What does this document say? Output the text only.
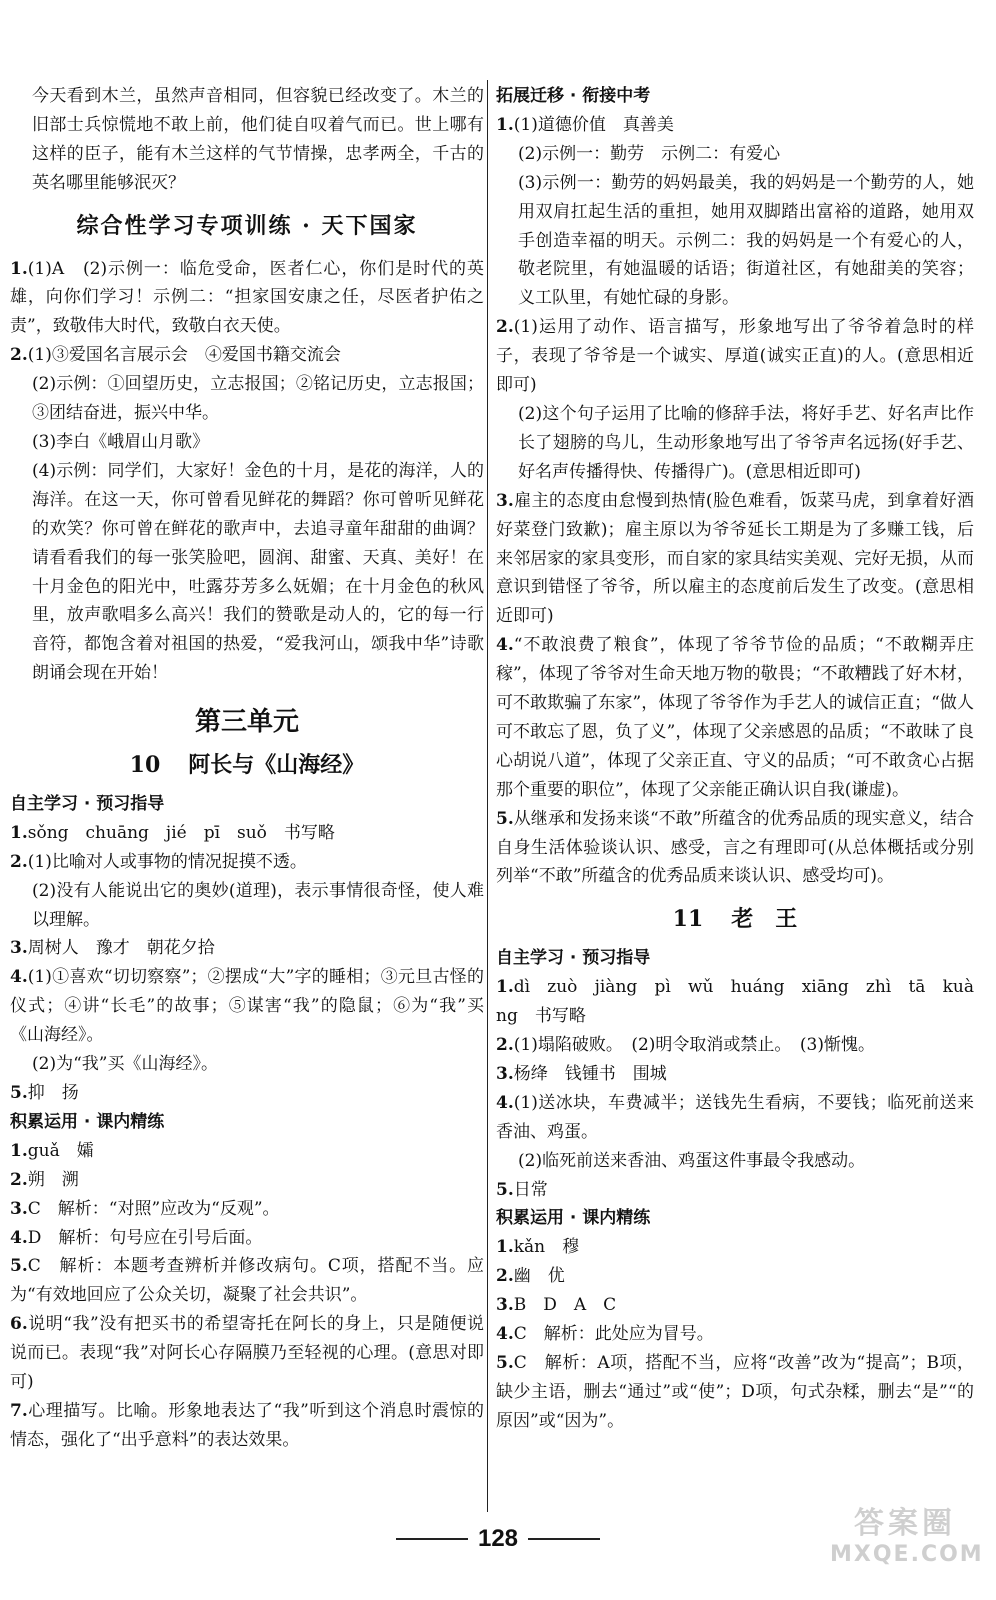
今天看到木兰，虽然声音相同，但容貌已经改变了。木兰的旧部士兵惊慌地不敢上前，他们徒自叹着气而已。世上哪有这样的臣子，能有木兰这样的气节情操，忠孝两全，千古的英名哪里能够泯灭？

综合性学习专项训练 · 天下国家

1.(1)A　(2)示例一：临危受命，医者仁心，你们是时代的英雄，向你们学习！示例二：“担家国安康之任，尽医者护佑之责”，致敬伟大时代，致敬白衣天使。

2.(1)③爱国名言展示会　④爱国书籍交流会

(2)示例：①回望历史，立志报国；②铭记历史，立志报国；③团结奋进，振兴中华。

(3)李白《峨眉山月歌》

(4)示例：同学们，大家好！金色的十月，是花的海洋，人的海洋。在这一天，你可曾看见鲜花的舞蹈？你可曾听见鲜花的欢笑？你可曾在鲜花的歌声中，去追寻童年甜甜的曲调？请看看我们的每一张笑脸吧，圆润、甜蜜、天真、美好！在十月金色的阳光中，吐露芬芳多么妩媚；在十月金色的秋风里，放声歌唱多么高兴！我们的赞歌是动人的，它的每一行音符，都饱含着对祖国的热爱，“爱我河山，颂我中华”诗歌朗诵会现在开始！

第三单元
10 阿长与《山海经》
自主学习 · 预习指导

1.sǒng　chuāng　jié　pī　suǒ　书写略

2.(1)比喻对人或事物的情况捉摸不透。

(2)没有人能说出它的奥妙(道理)，表示事情很奇怪，使人难以理解。

3.周树人　豫才　朝花夕拾

4.(1)①喜欢“切切察察”；②摆成“大”字的睡相；③元旦古怪的仪式；④讲“长毛”的故事；⑤谋害“我”的隐鼠；⑥为“我”买《山海经》。

(2)为“我”买《山海经》。

5.抑　扬

积累运用 · 课内精练

1.guǎ　孀

2.朔　溯

3.C　解析：“对照”应改为“反观”。

4.D　解析：句号应在引号后面。

5.C　解析：本题考查辨析并修改病句。C项，搭配不当。应为“有效地回应了公众关切，凝聚了社会共识”。

6.说明“我”没有把买书的希望寄托在阿长的身上，只是随便说说而已。表现“我”对阿长心存隔膜乃至轻视的心理。(意思对即可)

7.心理描写。比喻。形象地表达了“我”听到这个消息时震惊的情态，强化了“出乎意料”的表达效果。

拓展迁移 · 衔接中考

1.(1)道德价值　真善美

(2)示例一：勤劳　示例二：有爱心

(3)示例一：勤劳的妈妈最美，我的妈妈是一个勤劳的人，她用双肩扛起生活的重担，她用双脚踏出富裕的道路，她用双手创造幸福的明天。示例二：我的妈妈是一个有爱心的人，敬老院里，有她温暖的话语；街道社区，有她甜美的笑容；义工队里，有她忙碌的身影。

2.(1)运用了动作、语言描写，形象地写出了爷爷着急时的样子，表现了爷爷是一个诚实、厚道(诚实正直)的人。(意思相近即可)

(2)这个句子运用了比喻的修辞手法，将好手艺、好名声比作长了翅膀的鸟儿，生动形象地写出了爷爷声名远扬(好手艺、好名声传播得快、传播得广)。(意思相近即可)

3.雇主的态度由怠慢到热情(脸色难看，饭菜马虎，到拿着好酒好菜登门致歉)；雇主原以为爷爷延长工期是为了多赚工钱，后来邻居家的家具变形，而自家的家具结实美观、完好无损，从而意识到错怪了爷爷，所以雇主的态度前后发生了改变。(意思相近即可)

4.“不敢浪费了粮食”，体现了爷爷节俭的品质；“不敢糊弄庄稼”，体现了爷爷对生命天地万物的敬畏；“不敢糟践了好木材，可不敢欺骗了东家”，体现了爷爷作为手艺人的诚信正直；“做人可不敢忘了恩，负了义”，体现了父亲感恩的品质；“不敢昧了良心胡说八道”，体现了父亲正直、守义的品质；“可不敢贪心占据那个重要的职位”，体现了父亲能正确认识自我(谦虚)。

5.从继承和发扬来谈“不敢”所蕴含的优秀品质的现实意义，结合自身生活体验谈认识、感受，言之有理即可(从总体概括或分别列举“不敢”所蕴含的优秀品质来谈认识、感受均可)。

11 老　王
自主学习 · 预习指导

1.dì　zuò　jiàng　pì　wǔ　huáng　xiāng　zhì　tā　kuàng　书写略

2.(1)塌陷破败。　(2)明令取消或禁止。　(3)惭愧。

3.杨绛　钱锺书　围城

4.(1)送冰块，车费减半；送钱先生看病，不要钱；临死前送来香油、鸡蛋。

(2)临死前送来香油、鸡蛋这件事最令我感动。

5.日常

积累运用 · 课内精练

1.kǎn　穆

2.幽　优

3.B　D　A　C

4.C　解析：此处应为冒号。

5.C　解析：A项，搭配不当，应将“改善”改为“提高”；B项，缺少主语，删去“通过”或“使”；D项，句式杂糅，删去“是”“的原因”或“因为”。

128	答案圈
MXQE.COM
